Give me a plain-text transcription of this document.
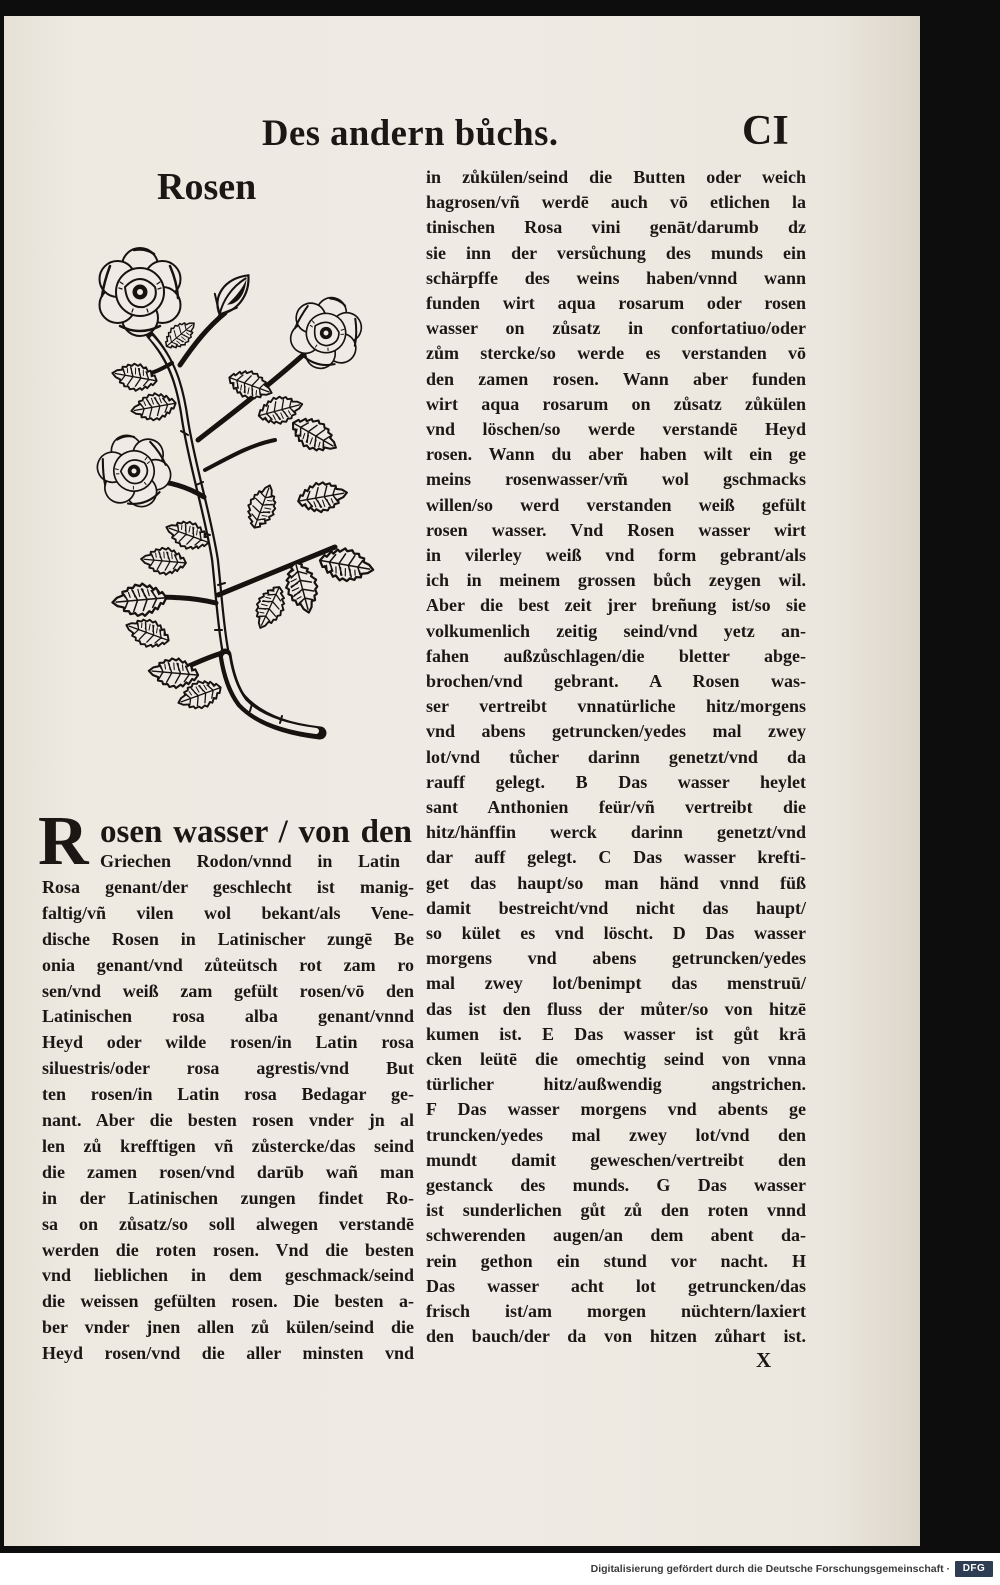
Des andern bůchs.	CI
Rosen
R osen wasser / von den
Griechen Rodon/vnnd in Latin
Rosa genant/der geschlecht ist manig-
faltig/vñ vilen wol bekant/als Vene-
dische Rosen in Latinischer zungē Be
onia genant/vnd zůteütsch rot zam ro
sen/vnd weiß zam gefült rosen/vō den
Latinischen rosa alba genant/vnnd
Heyd oder wilde rosen/in Latin rosa
siluestris/oder rosa agrestis/vnd But
ten rosen/in Latin rosa Bedagar ge-
nant. Aber die besten rosen vnder jn al
len zů krefftigen vñ zůstercke/das seind
die zamen rosen/vnd darūb wañ man
in der Latinischen zungen findet Ro-
sa on zůsatz/so soll alwegen verstandē
werden die roten rosen. Vnd die besten
vnd lieblichen in dem geschmack/seind
die weissen gefülten rosen. Die besten a-
ber vnder jnen allen zů külen/seind die
Heyd rosen/vnd die aller minsten vnd
in zůkülen/seind die Butten oder weich
hagrosen/vñ werdē auch vō etlichen la
tinischen Rosa vini genāt/darumb dz
sie inn der versůchung des munds ein
schärpffe des weins haben/vnnd wann
funden wirt aqua rosarum oder rosen
wasser on zůsatz in confortatiuo/oder
zům stercke/so werde es verstanden vō
den zamen rosen. Wann aber funden
wirt aqua rosarum on zůsatz zůkülen
vnd löschen/so werde verstandē Heyd
rosen. Wann du aber haben wilt ein ge
meins rosenwasser/vm̃ wol gschmacks
willen/so werd verstanden weiß gefült
rosen wasser. Vnd Rosen wasser wirt
in vilerley weiß vnd form gebrant/als
ich in meinem grossen bůch zeygen wil.
Aber die best zeit jrer breñung ist/so sie
volkumenlich zeitig seind/vnd yetz an-
fahen außzůschlagen/die bletter abge-
brochen/vnd gebrant. A Rosen was-
ser vertreibt vnnatürliche hitz/morgens
vnd abens getruncken/yedes mal zwey
lot/vnd tůcher darinn genetzt/vnd da
rauff gelegt. B Das wasser heylet
sant Anthonien feür/vñ vertreibt die
hitz/hänffin werck darinn genetzt/vnd
dar auff gelegt. C Das wasser krefti-
get das haupt/so man händ vnnd füß
damit bestreicht/vnd nicht das haupt/
so kület es vnd löscht. D Das wasser
morgens vnd abens getruncken/yedes
mal zwey lot/benimpt das menstruū/
das ist den fluss der můter/so von hitzē
kumen ist. E Das wasser ist gůt krā
cken leütē die omechtig seind von vnna
türlicher hitz/außwendig angstrichen.
F Das wasser morgens vnd abents ge
truncken/yedes mal zwey lot/vnd den
mundt damit geweschen/vertreibt den
gestanck des munds. G Das wasser
ist sunderlichen gůt zů den roten vnnd
schwerenden augen/an dem abent da-
rein gethon ein stund vor nacht. H
Das wasser acht lot getruncken/das
frisch ist/am morgen nüchtern/laxiert
den bauch/der da von hitzen zůhart ist.
X
Digitalisierung gefördert durch die Deutsche Forschungsgemeinschaft ·	DFG
